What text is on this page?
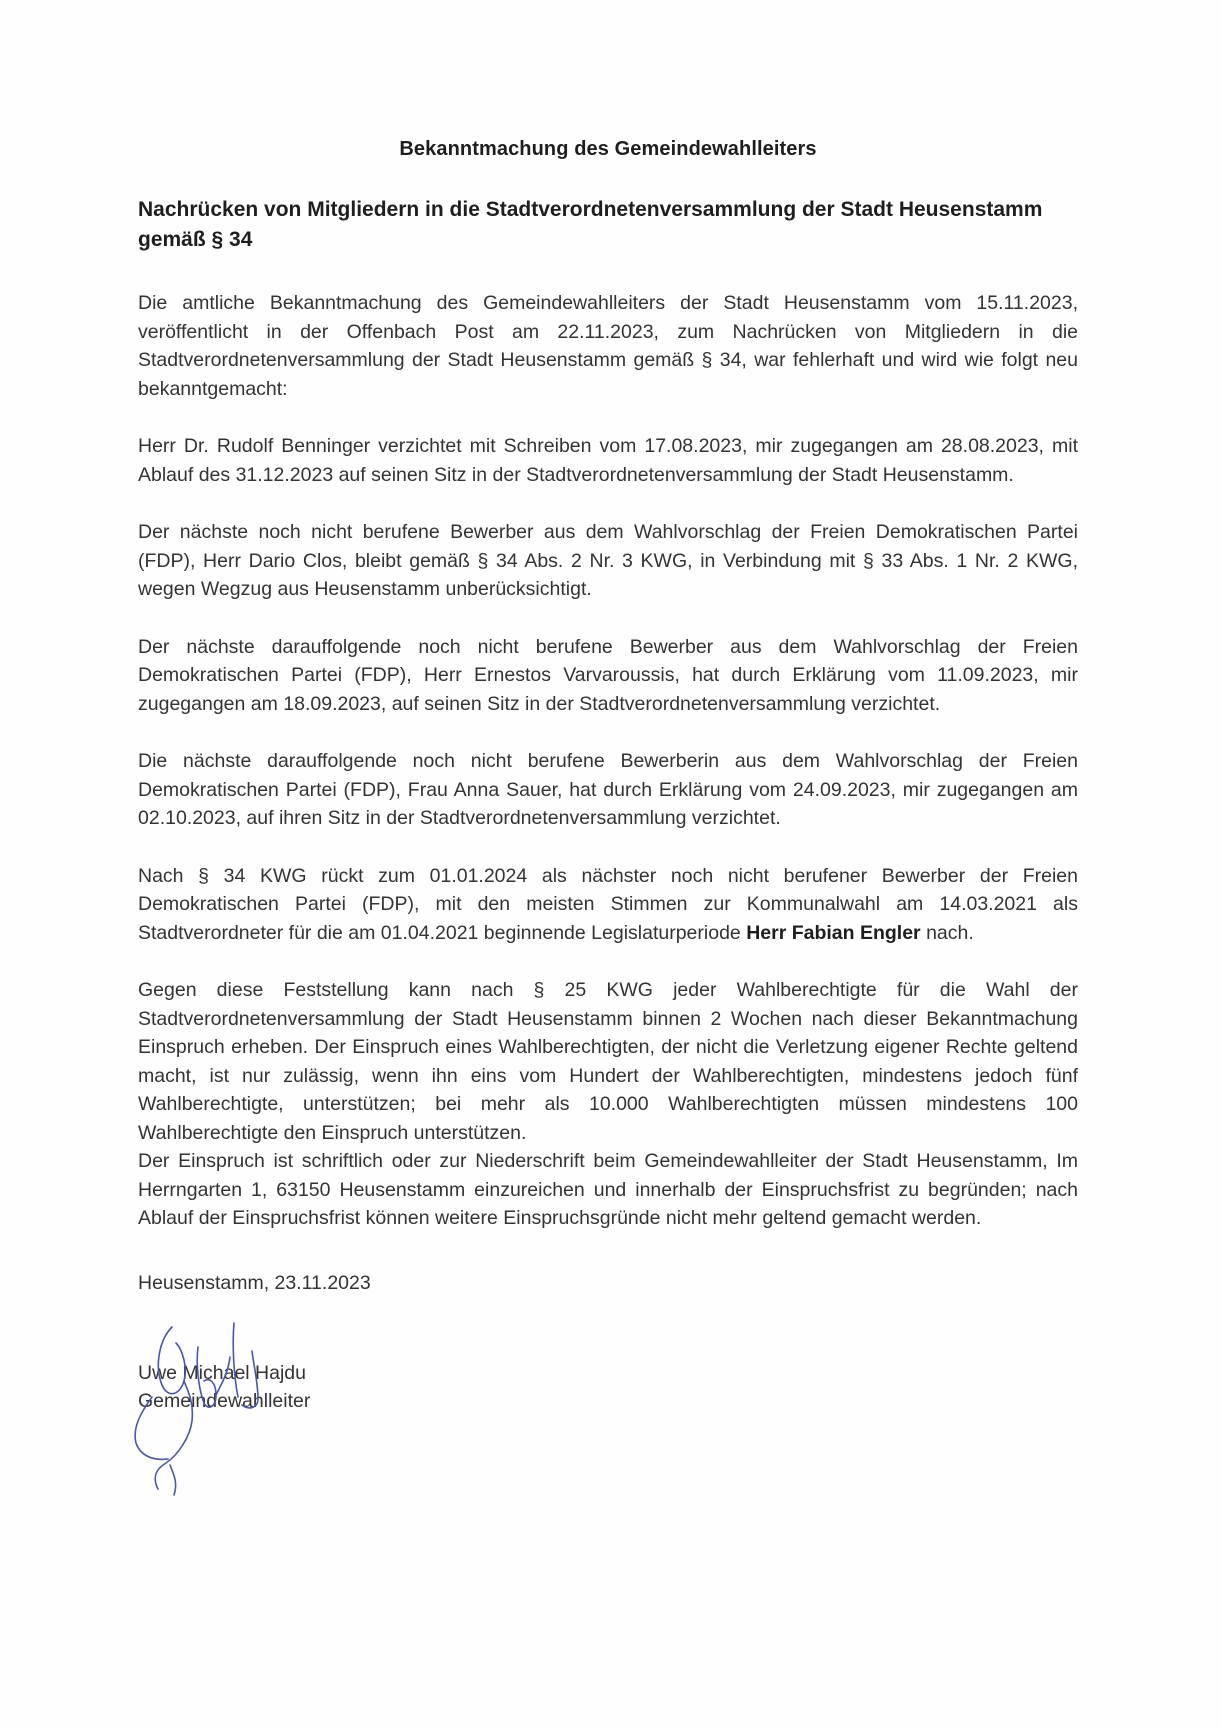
Bekanntmachung des Gemeindewahlleiters
Nachrücken von Mitgliedern in die Stadtverordnetenversammlung der Stadt Heusenstamm gemäß § 34

Die amtliche Bekanntmachung des Gemeindewahlleiters der Stadt Heusenstamm vom 15.11.2023, veröffentlicht in der Offenbach Post am 22.11.2023, zum Nachrücken von Mitgliedern in die Stadtverordnetenversammlung der Stadt Heusenstamm gemäß § 34, war fehlerhaft und wird wie folgt neu bekanntgemacht:

Herr Dr. Rudolf Benninger verzichtet mit Schreiben vom 17.08.2023, mir zugegangen am 28.08.2023, mit Ablauf des 31.12.2023 auf seinen Sitz in der Stadtverordnetenversammlung der Stadt Heusenstamm.

Der nächste noch nicht berufene Bewerber aus dem Wahlvorschlag der Freien Demokratischen Partei (FDP), Herr Dario Clos, bleibt gemäß § 34 Abs. 2 Nr. 3 KWG, in Verbindung mit § 33 Abs. 1 Nr. 2 KWG, wegen Wegzug aus Heusenstamm unberücksichtigt.

Der nächste darauffolgende noch nicht berufene Bewerber aus dem Wahlvorschlag der Freien Demokratischen Partei (FDP), Herr Ernestos Varvaroussis, hat durch Erklärung vom 11.09.2023, mir zugegangen am 18.09.2023, auf seinen Sitz in der Stadtverordnetenversammlung verzichtet.

Die nächste darauffolgende noch nicht berufene Bewerberin aus dem Wahlvorschlag der Freien Demokratischen Partei (FDP), Frau Anna Sauer, hat durch Erklärung vom 24.09.2023, mir zugegangen am 02.10.2023, auf ihren Sitz in der Stadtverordnetenversammlung verzichtet.

Nach § 34 KWG rückt zum 01.01.2024 als nächster noch nicht berufener Bewerber der Freien Demokratischen Partei (FDP), mit den meisten Stimmen zur Kommunalwahl am 14.03.2021 als Stadtverordneter für die am 01.04.2021 beginnende Legislaturperiode Herr Fabian Engler nach.

Gegen diese Feststellung kann nach § 25 KWG jeder Wahlberechtigte für die Wahl der Stadtverordnetenversammlung der Stadt Heusenstamm binnen 2 Wochen nach dieser Bekanntmachung Einspruch erheben. Der Einspruch eines Wahlberechtigten, der nicht die Verletzung eigener Rechte geltend macht, ist nur zulässig, wenn ihn eins vom Hundert der Wahlberechtigten, mindestens jedoch fünf Wahlberechtigte, unterstützen; bei mehr als 10.000 Wahlberechtigten müssen mindestens 100 Wahlberechtigte den Einspruch unterstützen.

Der Einspruch ist schriftlich oder zur Niederschrift beim Gemeindewahlleiter der Stadt Heusenstamm, Im Herrngarten 1, 63150 Heusenstamm einzureichen und innerhalb der Einspruchsfrist zu begründen; nach Ablauf der Einspruchsfrist können weitere Einspruchsgründe nicht mehr geltend gemacht werden.

Heusenstamm, 23.11.2023
Uwe Michael Hajdu
Gemeindewahlleiter
